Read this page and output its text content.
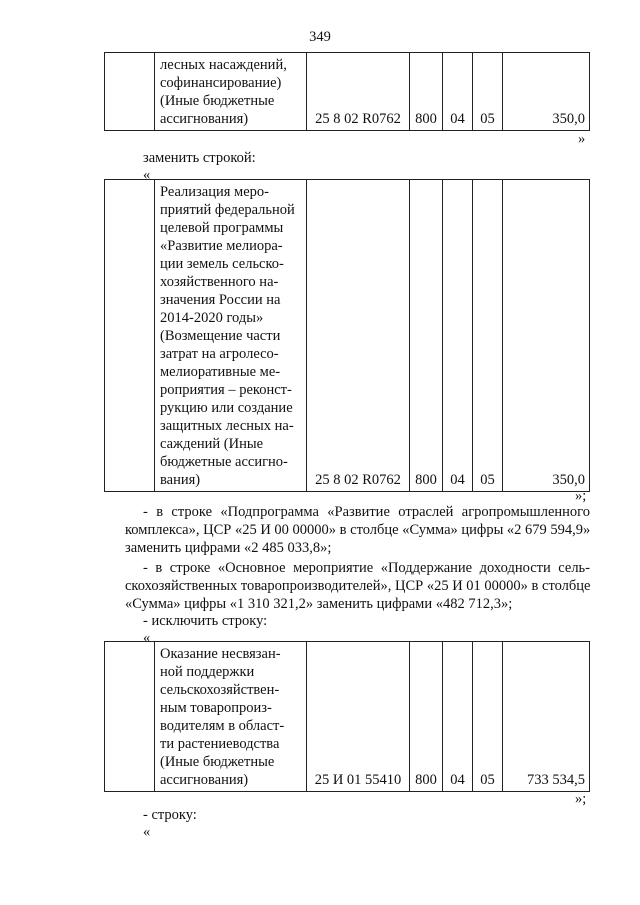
349

лесных насаждений,
софинансирование)
(Иные бюджетные
ассигнования)	25 8 02 R0762	800	04	05	350,0
»
заменить строкой:
«

Реализация меро-
приятий федеральной
целевой программы
«Развитие мелиора-
ции земель сельско-
хозяйственного на-
значения России на
2014-2020 годы»
(Возмещение части
затрат на агролесо-
мелиоративные ме-
роприятия – реконст-
рукцию или создание
защитных лесных на-
саждений (Иные
бюджетные ассигно-
вания)	25 8 02 R0762	800	04	05	350,0
»;
- в строке «Подпрограмма «Развитие отраслей агропромышленного
комплекса», ЦСР «25 И 00 00000» в столбце «Сумма» цифры «2 679 594,9»
заменить цифрами «2 485 033,8»;
- в строке «Основное мероприятие «Поддержание доходности сель-
скохозяйственных товаропроизводителей», ЦСР «25 И 01 00000» в столбце
«Сумма» цифры «1 310 321,2» заменить цифрами «482 712,3»;
- исключить строку:
«

Оказание несвязан-
ной поддержки
сельскохозяйствен-
ным товаропроиз-
водителям в област-
ти растениеводства
(Иные бюджетные
ассигнования)	25 И 01 55410	800	04	05	733 534,5
»;
- строку:
«
